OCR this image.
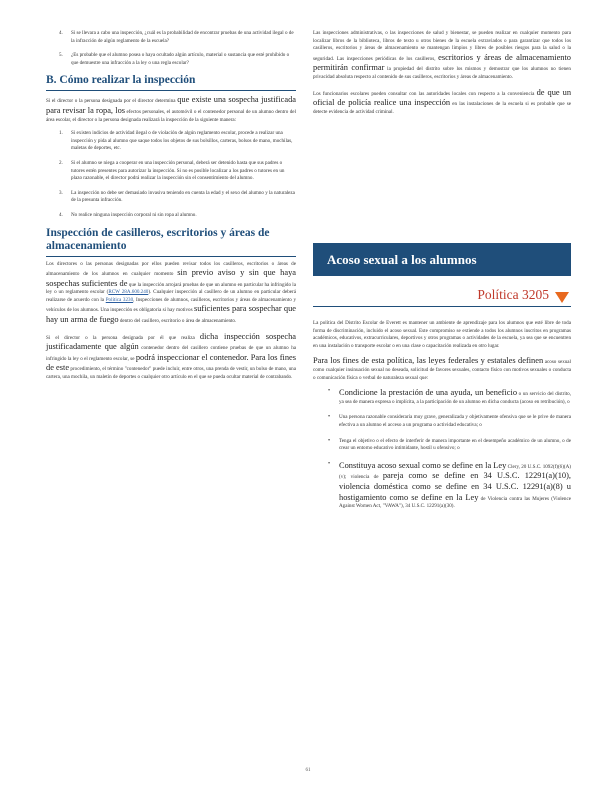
4. Si se llevara a cabo una inspección, ¿cuál es la probabilidad de encontrar pruebas de una actividad ilegal o de la infracción de algún reglamento de la escuela?
5. ¿Es probable que el alumno posea o haya ocultado algún artículo, material o sustancia que esté prohibido o que demuestre una infracción a la ley o una regla escolar?
B. Cómo realizar la inspección

Si el director o la persona designada por el director determina que existe una sospecha justificada para revisar la ropa, los efectos personales, el automóvil o el contenedor personal de un alumno dentro del área escolar, el director o la persona designada realizará la inspección de la siguiente manera:

1. Si existen indicios de actividad ilegal o de violación de algún reglamento escolar, procede a realizar una inspección y pida al alumno que saque todos los objetos de sus bolsillos, carteras, bolsos de mano, mochilas, maletas de deportes, etc.
2. Si el alumno se niega a cooperar en una inspección personal, deberá ser detenido hasta que sus padres o tutores estén presentes para autorizar la inspección. Si no es posible localizar a los padres o tutores en un plazo razonable, el director podrá realizar la inspección sin el consentimiento del alumno.
3. La inspección no debe ser demasiado invasiva teniendo en cuenta la edad y el sexo del alumno y la naturaleza de la presunta infracción.
4. No realice ninguna inspección corporal ni sin ropa al alumno.
Inspección de casilleros, escritorios y áreas de almacenamiento

Los directores o las personas designadas por ellos pueden revisar todos los casilleros, escritorios o áreas de almacenamiento de los alumnos en cualquier momento sin previo aviso y sin que haya sospechas suficientes de que la inspección arrojará pruebas de que un alumno en particular ha infringido la ley o un reglamento escolar (RCW 28A.600.240). Cualquier inspección al casillero de un alumno en particular deberá realizarse de acuerdo con la Política 3230, Inspecciones de alumnos, casilleros, escritorios y áreas de almacenamiento y vehículos de los alumnos. Una inspección es obligatoria si hay motivos suficientes para sospechar que hay un arma de fuego dentro del casillero, escritorio o área de almacenamiento.

Si el director o la persona designada por él que realiza dicha inspección sospecha justificadamente que algún contenedor dentro del casillero contiene pruebas de que un alumno ha infringido la ley o el reglamento escolar, se podrá inspeccionar el contenedor. Para los fines de este procedimiento, el término "contenedor" puede incluir, entre otros, una prenda de vestir, un bolso de mano, una cartera, una mochila, un maletín de deportes o cualquier otro artículo en el que se pueda ocultar material de contrabando.

Las inspecciones administrativas, o las inspecciones de salud y bienestar, se pueden realizar en cualquier momento para localizar libros de la biblioteca, libros de texto u otros bienes de la escuela extraviados o para garantizar que todos los casilleros, escritorios y áreas de almacenamiento se mantengan limpios y libres de posibles riesgos para la salud o la seguridad. Las inspecciones periódicas de los casilleros, escritorios y áreas de almacenamiento permitirán confirmar la propiedad del distrito sobre los mismos y demostrar que los alumnos no tienen privacidad absoluta respecto al contenido de sus casilleros, escritorios y áreas de almacenamiento.

Los funcionarios escolares pueden consultar con las autoridades locales con respecto a la conveniencia de que un oficial de policía realice una inspección en las instalaciones de la escuela si es probable que se detecte evidencia de actividad criminal.

Acoso sexual a los alumnos
Política 3205

La política del Distrito Escolar de Everett es mantener un ambiente de aprendizaje para los alumnos que esté libre de toda forma de discriminación, incluido el acoso sexual. Este compromiso se extiende a todos los alumnos inscritos en programas académicos, educativos, extracurriculares, deportivos y otros programas o actividades de la escuela, ya sea que se encuentren en una instalación o transporte escolar o en una clase o capacitación realizada en otro lugar.

Para los fines de esta política, las leyes federales y estatales definen acoso sexual como cualquier insinuación sexual no deseada, solicitud de favores sexuales, contacto físico con motivos sexuales o conducta o comunicación física o verbal de naturaleza sexual que:

• Condicione la prestación de una ayuda, un beneficio o un servicio del distrito, ya sea de manera expresa o implícita, a la participación de un alumno en dicha conducta (acoso en retribución), o
• Una persona razonable consideraría muy grave, generalizada y objetivamente ofensiva que se le prive de manera efectiva a un alumno el acceso a un programa o actividad educativa; o
• Tenga el objetivo o el efecto de interferir de manera importante en el desempeño académico de un alumno, o de crear un entorno educativo intimidante, hostil u ofensivo; o
• Constituya acoso sexual como se define en la Ley Clery, 20 U.S.C. 1092(f)(6)(A)(v); violencia de pareja como se define en 34 U.S.C. 12291(a)(10), violencia doméstica como se define en 34 U.S.C. 12291(a)(8) u hostigamiento como se define en la Ley de Violencia contra las Mujeres (Violence Against Women Act, "VAWA"), 34 U.S.C. 12291(a)(30).
61
